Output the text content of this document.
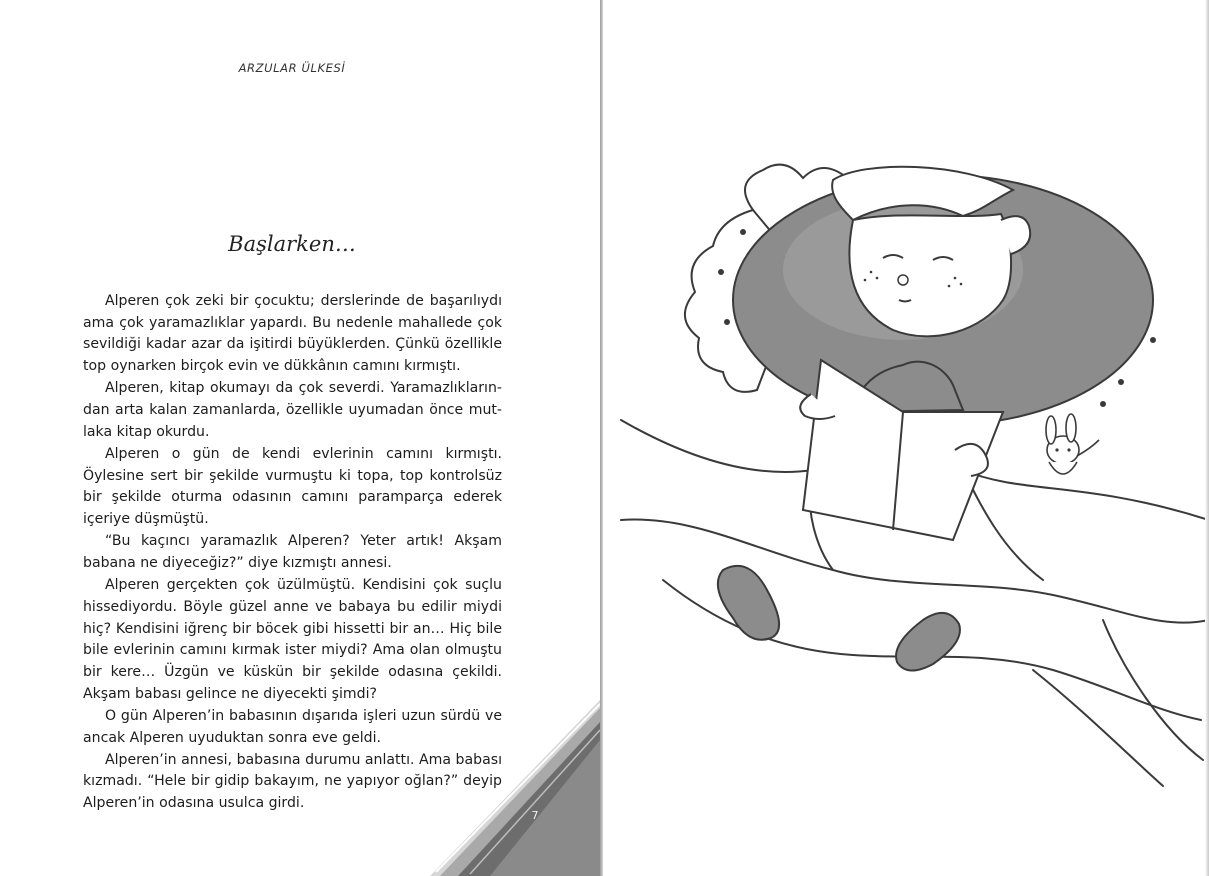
ARZULAR ÜLKESİ
Başlarken…

Alperen çok zeki bir çocuktu; derslerinde de başarılıydı ama çok yaramazlıklar yapardı. Bu nedenle mahallede çok sevildiği kadar azar da işitirdi büyüklerden. Çünkü özellikle top oynarken birçok evin ve dükkânın camını kırmıştı.

Alperen, kitap okumayı da çok severdi. Yaramazlıklarından arta kalan zamanlarda, özellikle uyumadan önce mutlaka kitap okurdu.

Alperen o gün de kendi evlerinin camını kırmıştı. Öylesine sert bir şekilde vurmuştu ki topa, top kontrolsüz bir şekilde oturma odasının camını paramparça ederek içeriye düşmüştü.

“Bu kaçıncı yaramazlık Alperen? Yeter artık! Akşam babana ne diyeceğiz?” diye kızmıştı annesi.

Alperen gerçekten çok üzülmüştü. Kendisini çok suçlu hissediyordu. Böyle güzel anne ve babaya bu edilir miydi hiç? Kendisini iğrenç bir böcek gibi hissetti bir an… Hiç bile bile evlerinin camını kırmak ister miydi? Ama olan olmuştu bir kere… Üzgün ve küskün bir şekilde odasına çekildi. Akşam babası gelince ne diyecekti şimdi?

O gün Alperen’in babasının dışarıda işleri uzun sürdü ve ancak Alperen uyuduktan sonra eve geldi.

Alperen’in annesi, babasına durumu anlattı. Ama babası kızmadı. “Hele bir gidip bakayım, ne yapıyor oğlan?” deyip Alperen’in odasına usulca girdi.

7
